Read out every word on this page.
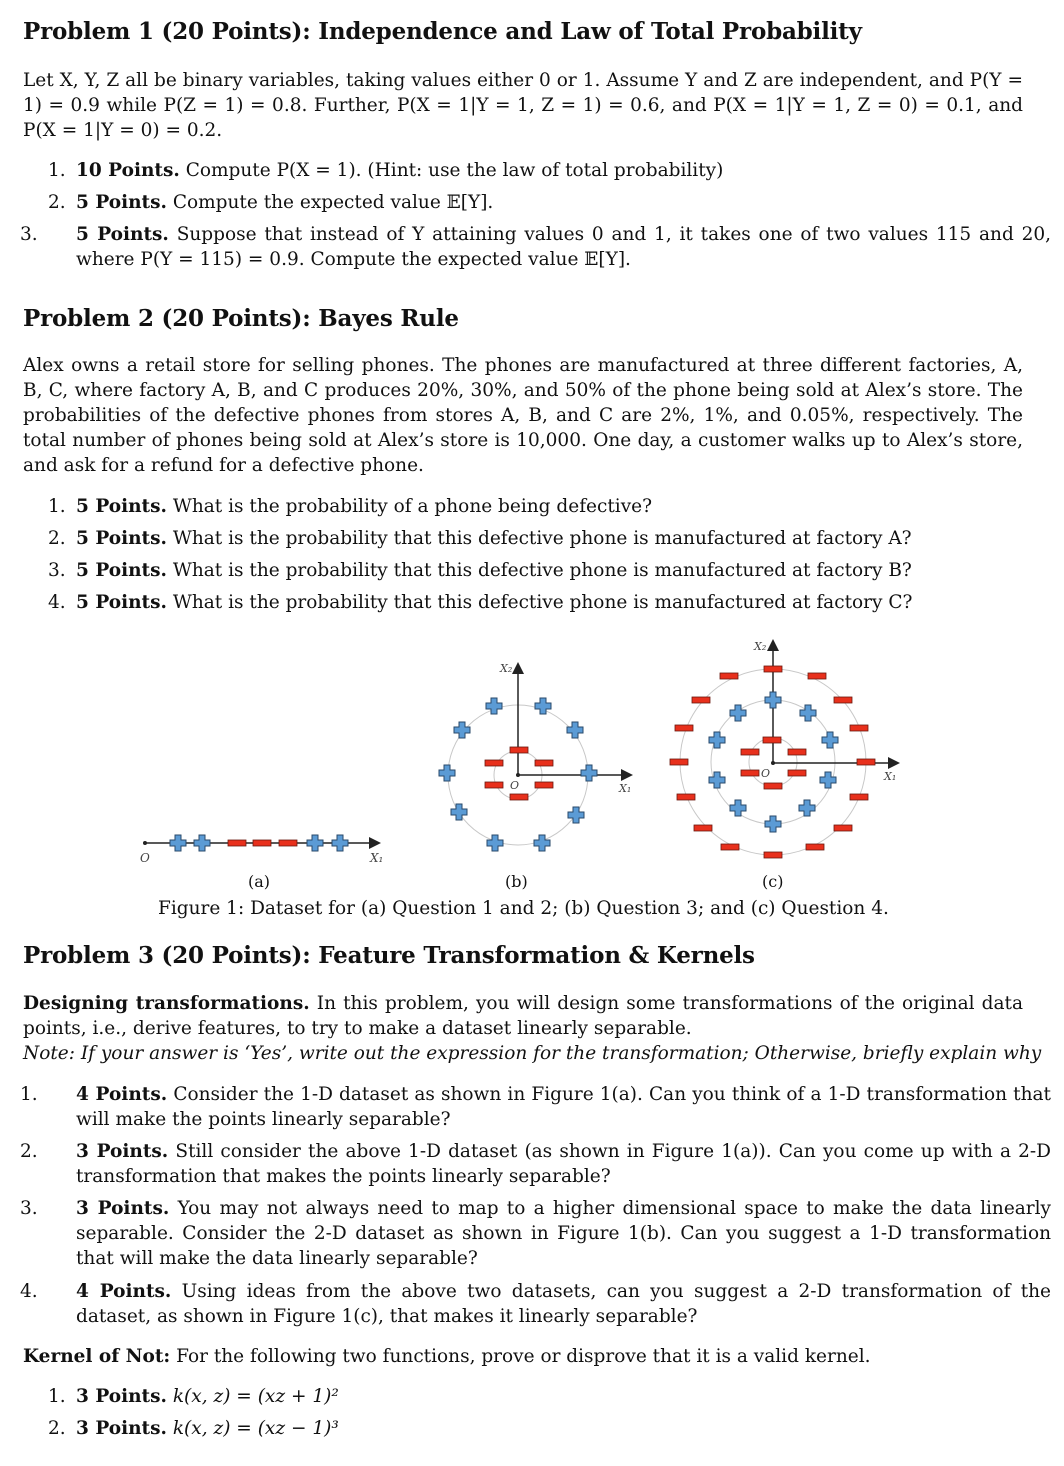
Problem 1 (20 Points): Independence and Law of Total Probability
Let X, Y, Z all be binary variables, taking values either 0 or 1. Assume Y and Z are independent, and P(Y = 1) = 0.9 while P(Z = 1) = 0.8. Further, P(X = 1|Y = 1, Z = 1) = 0.6, and P(X = 1|Y = 1, Z = 0) = 0.1, and P(X = 1|Y = 0) = 0.2.
1. 10 Points. Compute P(X = 1). (Hint: use the law of total probability)
2. 5 Points. Compute the expected value 𝔼[Y].
3. 5 Points. Suppose that instead of Y attaining values 0 and 1, it takes one of two values 115 and 20, where P(Y = 115) = 0.9. Compute the expected value 𝔼[Y].
Problem 2 (20 Points): Bayes Rule
Alex owns a retail store for selling phones. The phones are manufactured at three different factories, A, B, C, where factory A, B, and C produces 20%, 30%, and 50% of the phone being sold at Alex’s store. The probabilities of the defective phones from stores A, B, and C are 2%, 1%, and 0.05%, respectively. The total number of phones being sold at Alex’s store is 10,000. One day, a customer walks up to Alex’s store, and ask for a refund for a defective phone.
1. 5 Points. What is the probability of a phone being defective?
2. 5 Points. What is the probability that this defective phone is manufactured at factory A?
3. 5 Points. What is the probability that this defective phone is manufactured at factory B?
4. 5 Points. What is the probability that this defective phone is manufactured at factory C?
O	X₁
X₂
X₁
O
X₂
X₁
O
(a)	(b)	(c)
Figure 1: Dataset for (a) Question 1 and 2; (b) Question 3; and (c) Question 4.
Problem 3 (20 Points): Feature Transformation & Kernels
Designing transformations. In this problem, you will design some transformations of the original data points, i.e., derive features, to try to make a dataset linearly separable.
Note: If your answer is ‘Yes’, write out the expression for the transformation; Otherwise, briefly explain why
1. 4 Points. Consider the 1-D dataset as shown in Figure 1(a). Can you think of a 1-D transformation that will make the points linearly separable?
2. 3 Points. Still consider the above 1-D dataset (as shown in Figure 1(a)). Can you come up with a 2-D transformation that makes the points linearly separable?
3. 3 Points. You may not always need to map to a higher dimensional space to make the data linearly separable. Consider the 2-D dataset as shown in Figure 1(b). Can you suggest a 1-D transformation that will make the data linearly separable?
4. 4 Points. Using ideas from the above two datasets, can you suggest a 2-D transformation of the dataset, as shown in Figure 1(c), that makes it linearly separable?
Kernel of Not: For the following two functions, prove or disprove that it is a valid kernel.
1. 3 Points. k(x, z) = (xz + 1)²
2. 3 Points. k(x, z) = (xz − 1)³
